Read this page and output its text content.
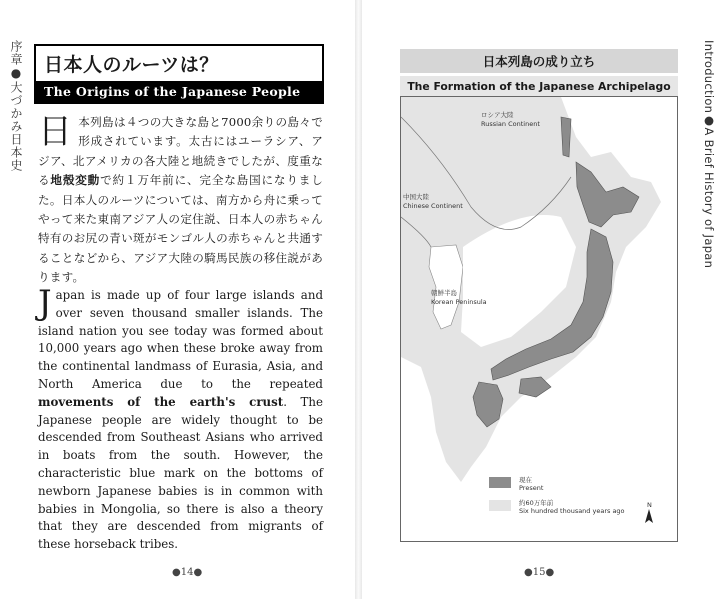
序章●大づかみ日本史	日本人のルーツは？
The Origins of the Japanese People
日本列島は４つの大きな島と7000余りの島々で形成されています。太古にはユーラシア、アジア、北アメリカの各大陸と地続きでしたが、度重なる地殻変動で約１万年前に、完全な島国になりました。日本人のルーツについては、南方から舟に乗ってやって来た東南アジア人の定住説、日本人の赤ちゃん特有のお尻の青い斑がモンゴル人の赤ちゃんと共通することなどから、アジア大陸の騎馬民族の移住説があります。
Japan is made up of four large islands and over seven thousand smaller islands. The island nation you see today was formed about 10,000 years ago when these broke away from the continental landmass of Eurasia, Asia, and North America due to the repeated movements of the earth's crust. The Japanese people are widely thought to be descended from Southeast Asians who arrived in boats from the south. However, the characteristic blue mark on the bottoms of newborn Japanese babies is in common with babies in Mongolia, so there is also a theory that they are descended from migrants of these horseback tribes.
●14●
Introduction●A Brief History of Japan
日本列島の成り立ち
The Formation of the Japanese Archipelago
ロシア大陸
Russian Continent
中国大陸
Chinese Continent
朝鮮半島
Korean Peninsula
現在
Present
約60万年前
Six hundred thousand years ago
N
●15●
